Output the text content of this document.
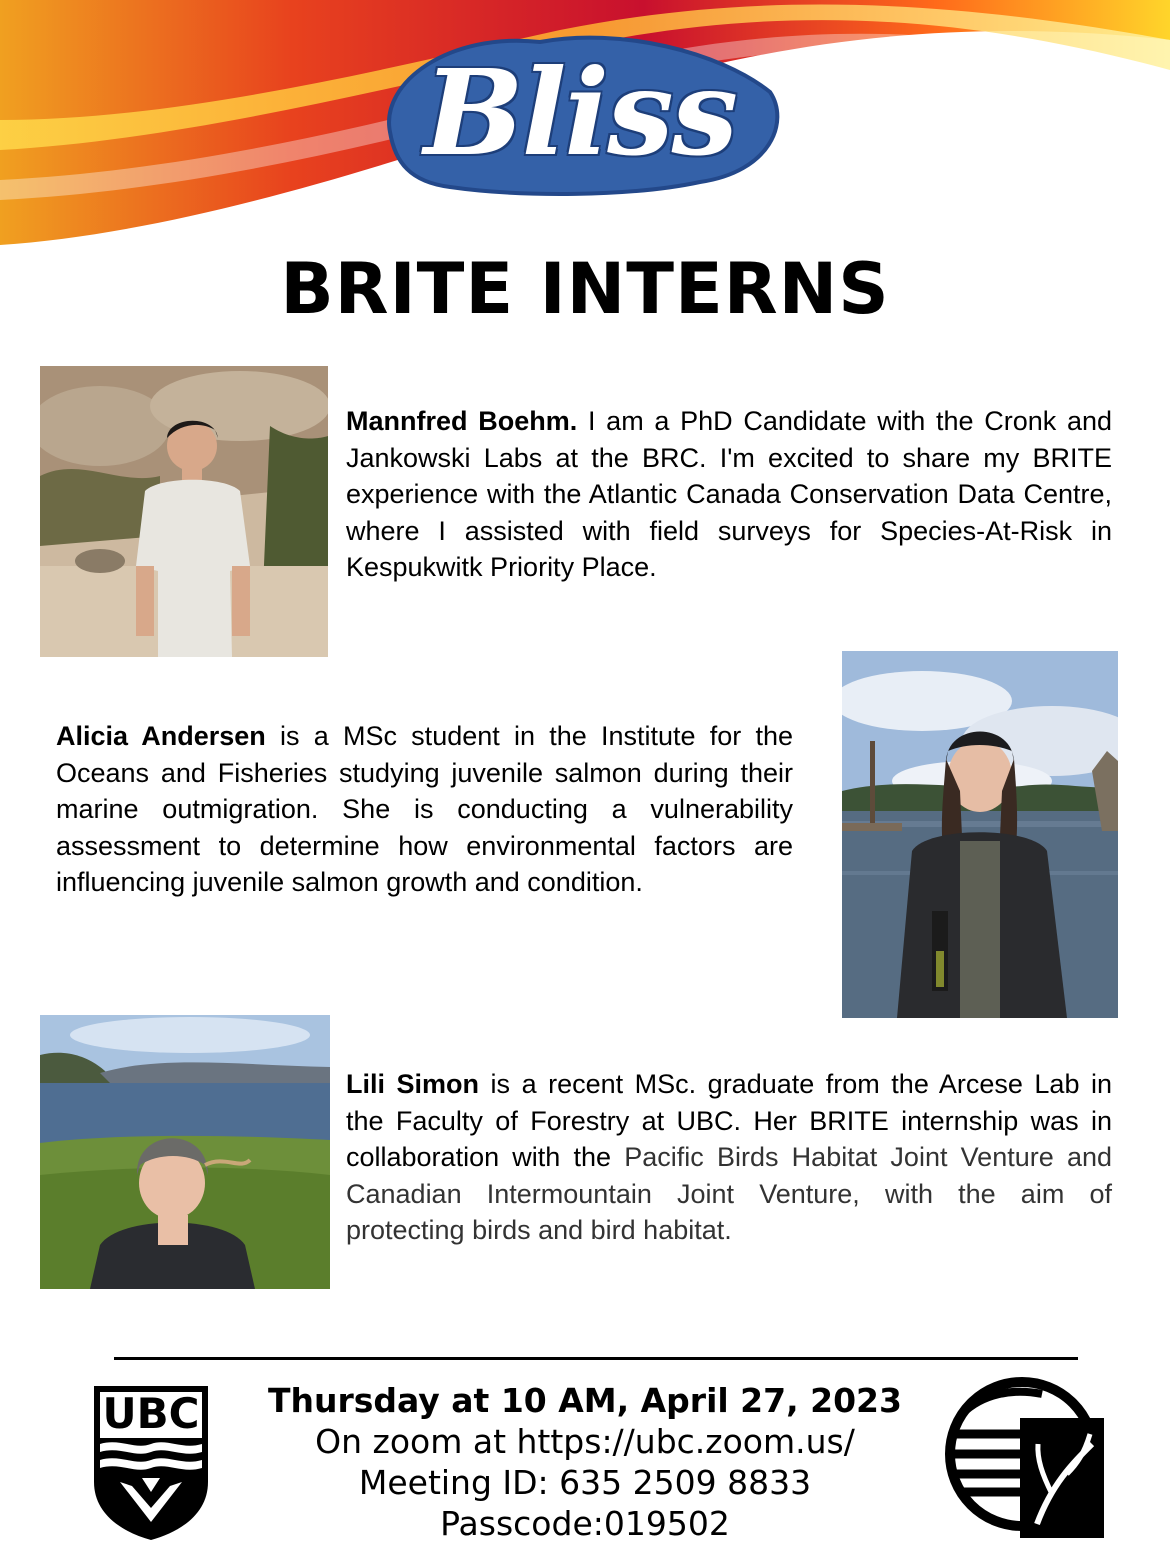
Bliss
BRITE INTERNS

Mannfred Boehm. I am a PhD Candidate with the Cronk and Jankowski Labs at the BRC. I'm excited to share my BRITE experience with the Atlantic Canada Conservation Data Centre, where I assisted with field surveys for Species-At-Risk in Kespukwitk Priority Place.

Alicia Andersen is a MSc student in the Institute for the Oceans and Fisheries studying juvenile salmon during their marine outmigration. She is conducting a vulnerability assessment to determine how environmental factors are influencing juvenile salmon growth and condition.

Lili Simon is a recent MSc. graduate from the Arcese Lab in the Faculty of Forestry at UBC. Her BRITE internship was in collaboration with the Pacific Birds Habitat Joint Venture and Canadian Intermountain Joint Venture, with the aim of protecting birds and bird habitat.

UBC	Thursday at 10 AM, April 27, 2023
On zoom at https://ubc.zoom.us/
Meeting ID: 635 2509 8833
Passcode:019502
